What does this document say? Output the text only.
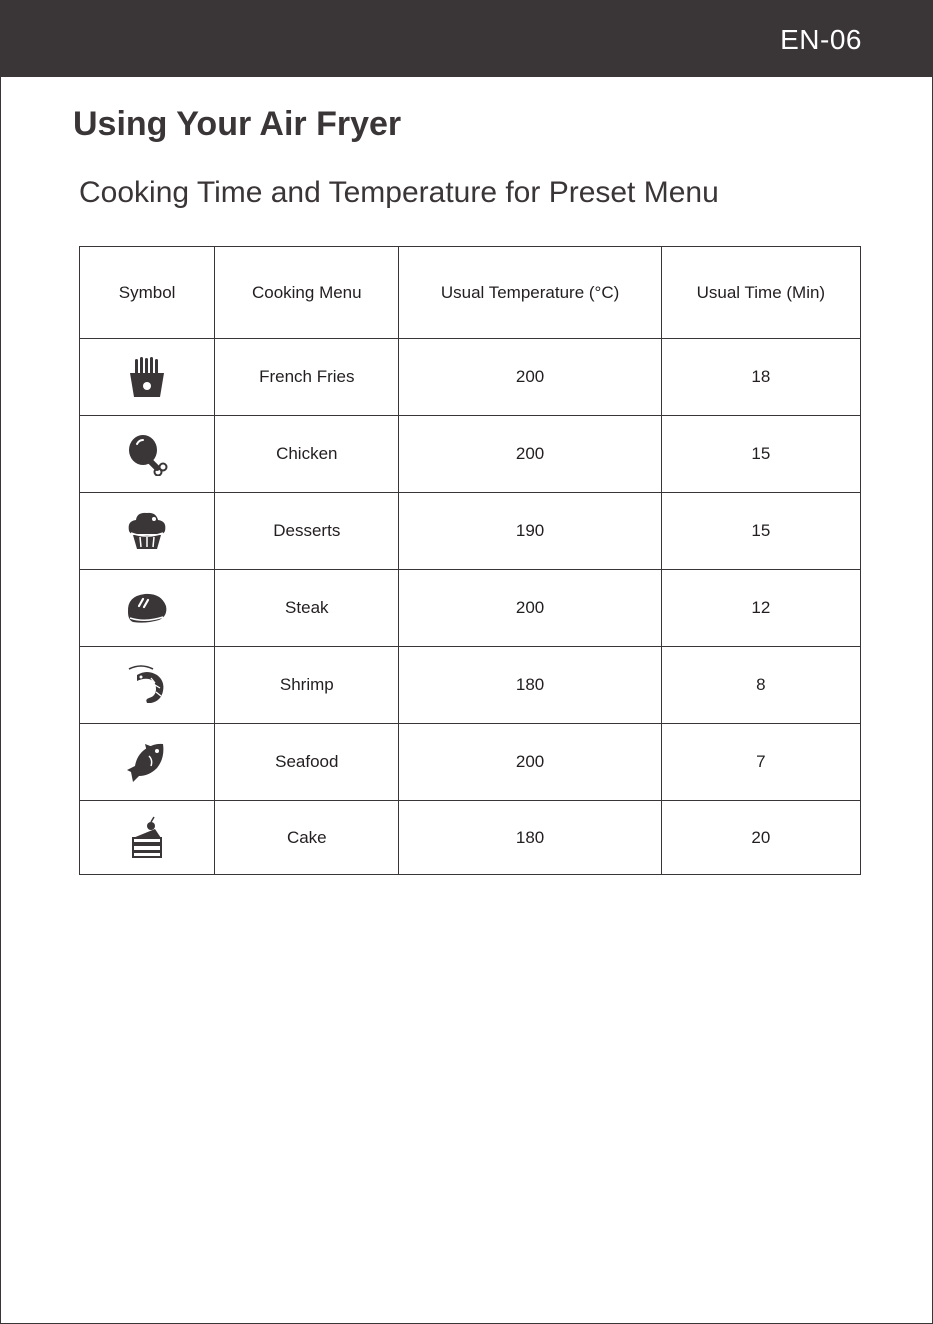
EN-06
Using Your Air Fryer
Cooking Time and Temperature for Preset Menu
Symbol	Cooking Menu	Usual Temperature (°C)	Usual Time (Min)

	French Fries	200	18

	Chicken	200	15

	Desserts	190	15

	Steak	200	12

	Shrimp	180	8

	Seafood	200	7

	Cake	180	20
